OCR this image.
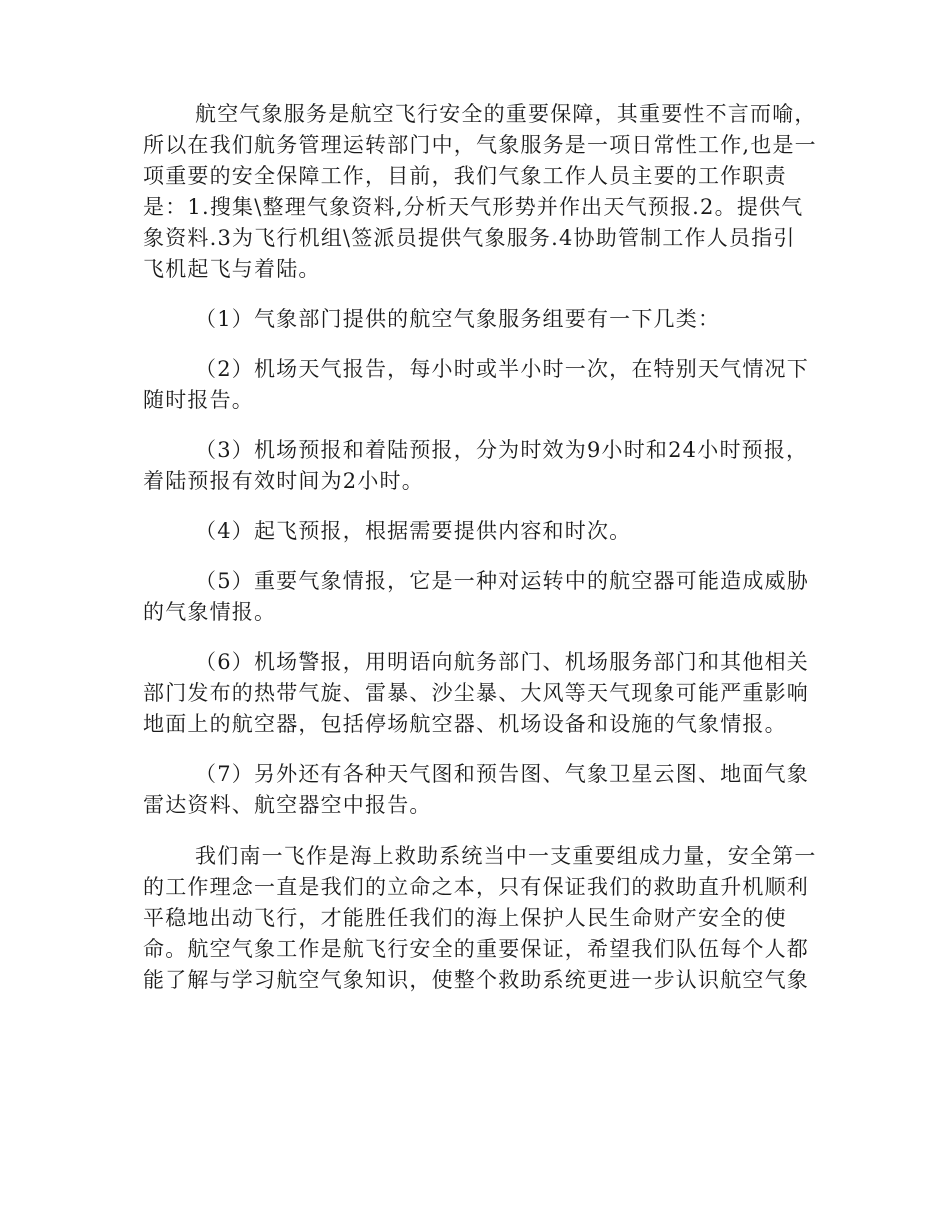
航空气象服务是航空飞行安全的重要保障，其重要性不言而喻，
所以在我们航务管理运转部门中，气象服务是一项日常性工作,也是一
项重要的安全保障工作，目前，我们气象工作人员主要的工作职责
是：1.搜集\整理气象资料,分析天气形势并作出天气预报.2。提供气
象资料.3为飞行机组\签派员提供气象服务.4协助管制工作人员指引
飞机起飞与着陆。
（1）气象部门提供的航空气象服务组要有一下几类：
（2）机场天气报告，每小时或半小时一次，在特别天气情况下
随时报告。
（3）机场预报和着陆预报，分为时效为9小时和24小时预报，
着陆预报有效时间为2小时。
（4）起飞预报，根据需要提供内容和时次。
（5）重要气象情报，它是一种对运转中的航空器可能造成威胁
的气象情报。
（6）机场警报，用明语向航务部门、机场服务部门和其他相关
部门发布的热带气旋、雷暴、沙尘暴、大风等天气现象可能严重影响
地面上的航空器，包括停场航空器、机场设备和设施的气象情报。
（7）另外还有各种天气图和预告图、气象卫星云图、地面气象
雷达资料、航空器空中报告。
我们南一飞作是海上救助系统当中一支重要组成力量，安全第一
的工作理念一直是我们的立命之本，只有保证我们的救助直升机顺利
平稳地出动飞行，才能胜任我们的海上保护人民生命财产安全的使
命。航空气象工作是航飞行安全的重要保证，希望我们队伍每个人都
能了解与学习航空气象知识，使整个救助系统更进一步认识航空气象
